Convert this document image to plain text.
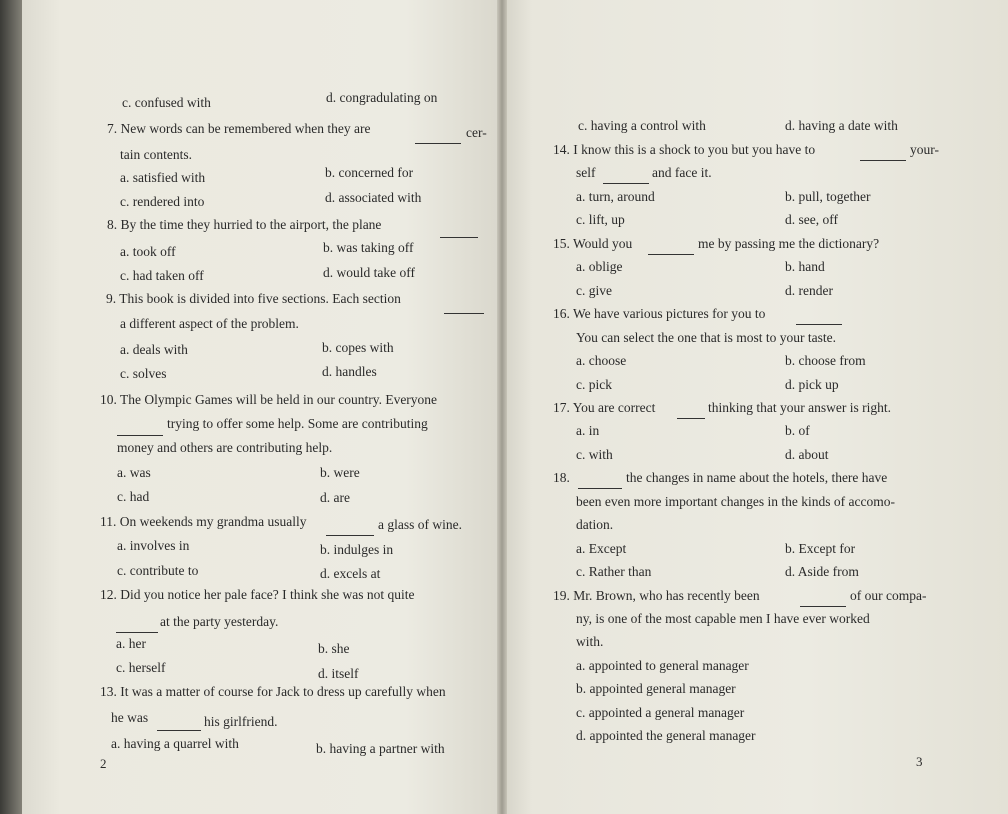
c. confused with	d. congradulating on
7. New words can be remembered when they are	cer-
tain contents.
a. satisfied with	b. concerned for
c. rendered into	d. associated with
8. By the time they hurried to the airport, the plane
a. took off	b. was taking off
c. had taken off	d. would take off
9. This book is divided into five sections. Each section
a different aspect of the problem.
a. deals with	b. copes with
c. solves	d. handles
10. The Olympic Games will be held in our country. Everyone
trying to offer some help. Some are contributing
money and others are contributing help.
a. was	b. were
c. had	d. are
11. On weekends my grandma usually	a glass of wine.
a. involves in	b. indulges in
c. contribute to	d. excels at
12. Did you notice her pale face? I think she was not quite
at the party yesterday.
a. her	b. she
c. herself	d. itself
13. It was a matter of course for Jack to dress up carefully when
he was	his girlfriend.
a. having a quarrel with	b. having a partner with
c. having a control with	d. having a date with
14. I know this is a shock to you but you have to	your-
self	and face it.
a. turn, around	b. pull, together
c. lift, up	d. see, off
15. Would you	me by passing me the dictionary?
a. oblige	b. hand
c. give	d. render
16. We have various pictures for you to
You can select the one that is most to your taste.
a. choose	b. choose from
c. pick	d. pick up
17. You are correct	thinking that your answer is right.
a. in	b. of
c. with	d. about
18.	the changes in name about the hotels, there have
been even more important changes in the kinds of accomo-
dation.
a. Except	b. Except for
c. Rather than	d. Aside from
19. Mr. Brown, who has recently been	of our compa-
ny, is one of the most capable men I have ever worked
with.
a. appointed to general manager
b. appointed general manager
c. appointed a general manager
d. appointed the general manager
2	3
